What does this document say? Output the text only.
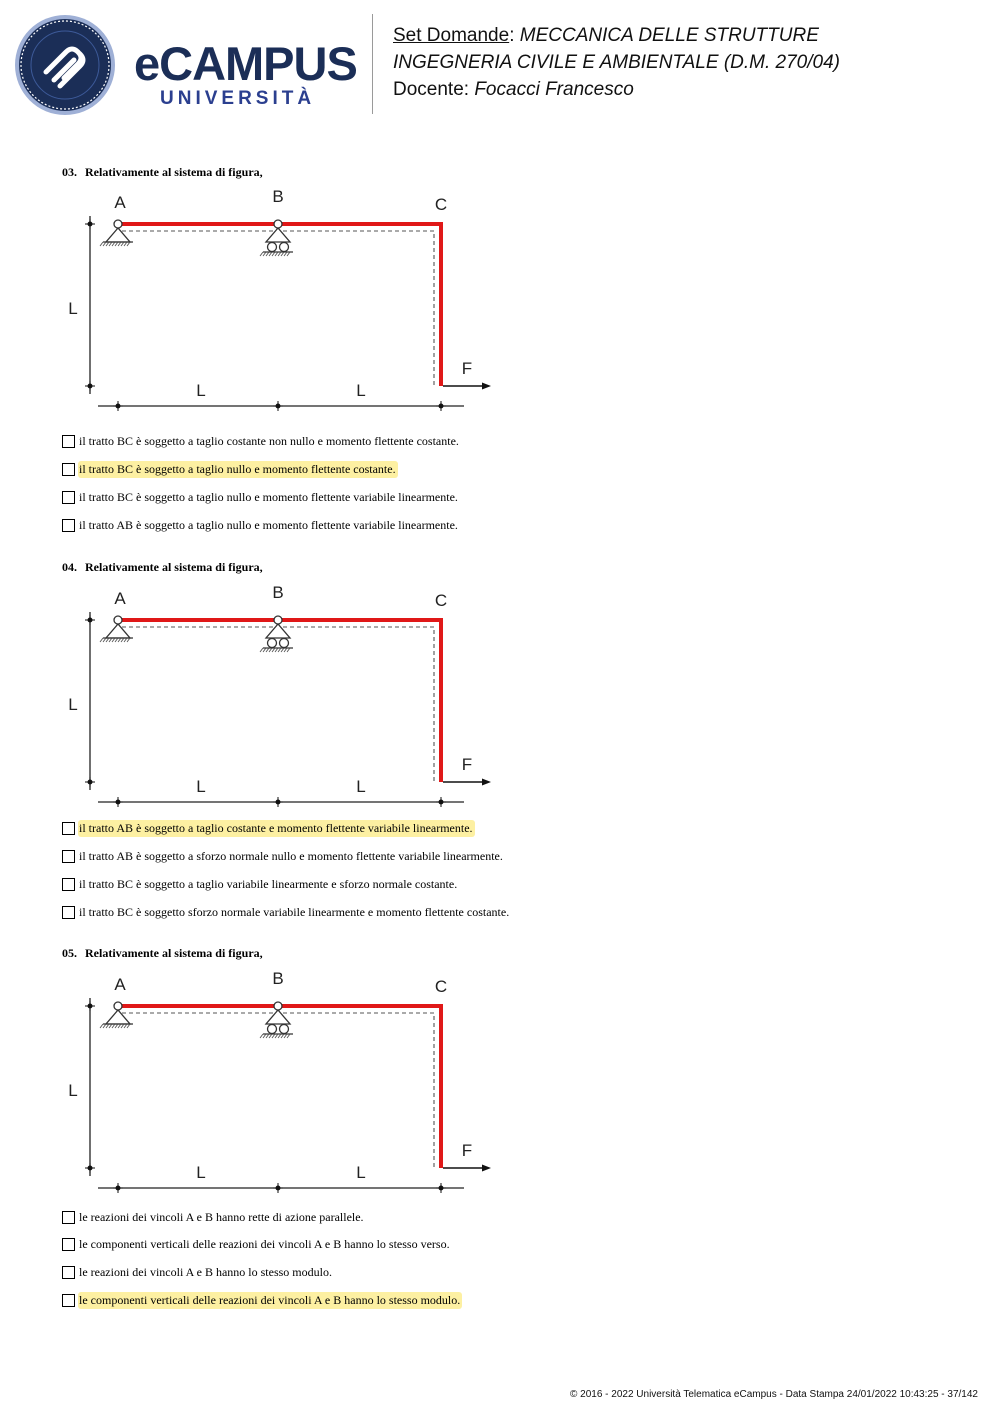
eCAMPUS
UNIVERSITÀ
Set Domande: MECCANICA DELLE STRUTTURE
INGEGNERIA CIVILE E AMBIENTALE (D.M. 270/04)
Docente: Focacci Francesco
03. Relativamente al sistema di figura,
L
L	L
A	B	C
F
il tratto BC è soggetto a taglio costante non nullo e momento flettente costante.
il tratto BC è soggetto a taglio nullo e momento flettente costante.
il tratto BC è soggetto a taglio nullo e momento flettente variabile linearmente.
il tratto AB è soggetto a taglio nullo e momento flettente variabile linearmente.
04. Relativamente al sistema di figura,
L
L	L
A	B	C
F
il tratto AB è soggetto a taglio costante e momento flettente variabile linearmente.
il tratto AB è soggetto a sforzo normale nullo e momento flettente variabile linearmente.
il tratto BC è soggetto a taglio variabile linearmente e sforzo normale costante.
il tratto BC è soggetto sforzo normale variabile linearmente e momento flettente costante.
05. Relativamente al sistema di figura,
L
L	L
A	B	C
F
le reazioni dei vincoli A e B hanno rette di azione parallele.
le componenti verticali delle reazioni dei vincoli A e B hanno lo stesso verso.
le reazioni dei vincoli A e B hanno lo stesso modulo.
le componenti verticali delle reazioni dei vincoli A e B hanno lo stesso modulo.
© 2016 - 2022 Università Telematica eCampus - Data Stampa 24/01/2022 10:43:25 - 37/142
